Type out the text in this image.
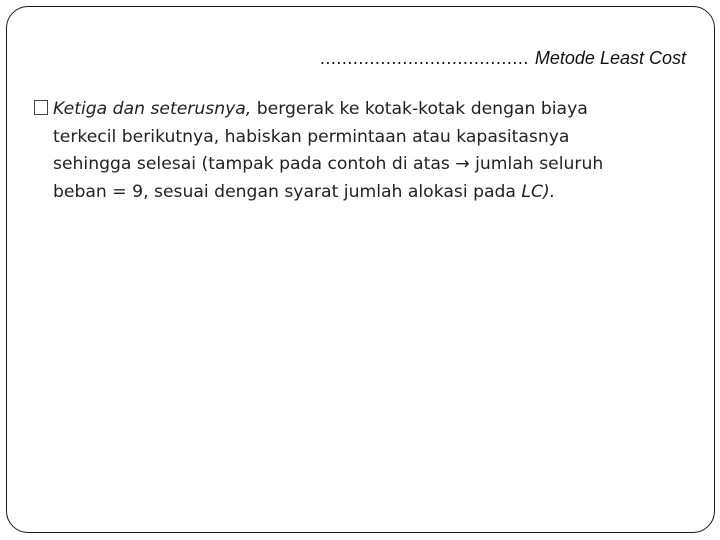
...................................... Metode Least Cost
Ketiga dan seterusnya, bergerak ke kotak-kotak dengan biaya
terkecil berikutnya, habiskan permintaan atau kapasitasnya
sehingga selesai (tampak pada contoh di atas → jumlah seluruh
beban = 9, sesuai dengan syarat jumlah alokasi pada LC).
